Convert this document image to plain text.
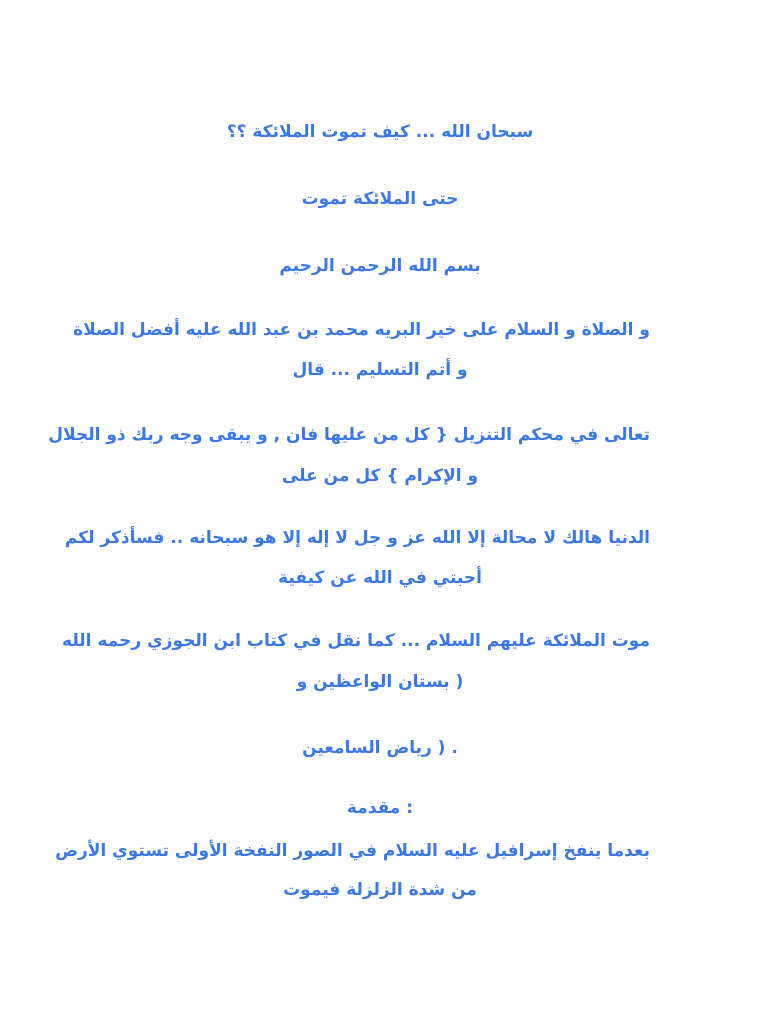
سبحان الله ... كيف تموت الملائكة ؟؟
حتى الملائكة تموت
بسم الله الرحمن الرحيم
و الصلاة و السلام على خير البريه محمد بن عبد الله عليه أفضل الصلاة
و أتم التسليم ... قال
تعالى في محكم التنزيل { كل من عليها فان , و يبقى وجه ربك ذو الجلال
و الإكرام } كل من على
الدنيا هالك لا محالة إلا الله عز و جل لا إله إلا هو سبحانه .. فسأذكر لكم
أحبتي في الله عن كيفية
موت الملائكة عليهم السلام ... كما نقل في كتاب ابن الجوزي رحمه الله
( بستان الواعظين و
. ( رياض السامعين
: مقدمة
بعدما ينفخ إسرافيل عليه السلام في الصور النفخة الأولى تستوي الأرض
من شدة الزلزلة فيموت
